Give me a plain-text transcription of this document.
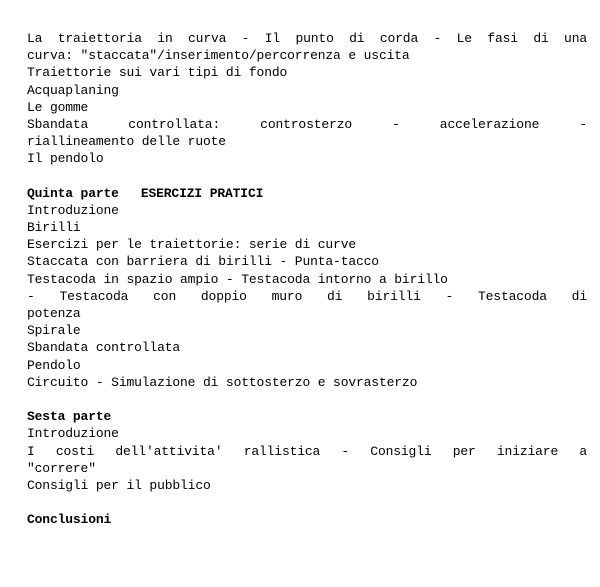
La traiettoria in curva - Il punto di corda - Le fasi di una
curva: "staccata"/inserimento/percorrenza e uscita
Traiettorie sui vari tipi di fondo
Acquaplaning
Le gomme
Sbandata controllata: controsterzo - accelerazione -
riallineamento delle ruote
Il pendolo
Quinta parte ESERCIZI PRATICI
Introduzione
Birilli
Esercizi per le traiettorie: serie di curve
Staccata con barriera di birilli - Punta-tacco
Testacoda in spazio ampio - Testacoda intorno a birillo
- Testacoda con doppio muro di birilli - Testacoda di
potenza
Spirale
Sbandata controllata
Pendolo
Circuito - Simulazione di sottosterzo e sovrasterzo
Sesta parte
Introduzione
I costi dell'attivita' rallistica - Consigli per iniziare a
"correre"
Consigli per il pubblico
Conclusioni
